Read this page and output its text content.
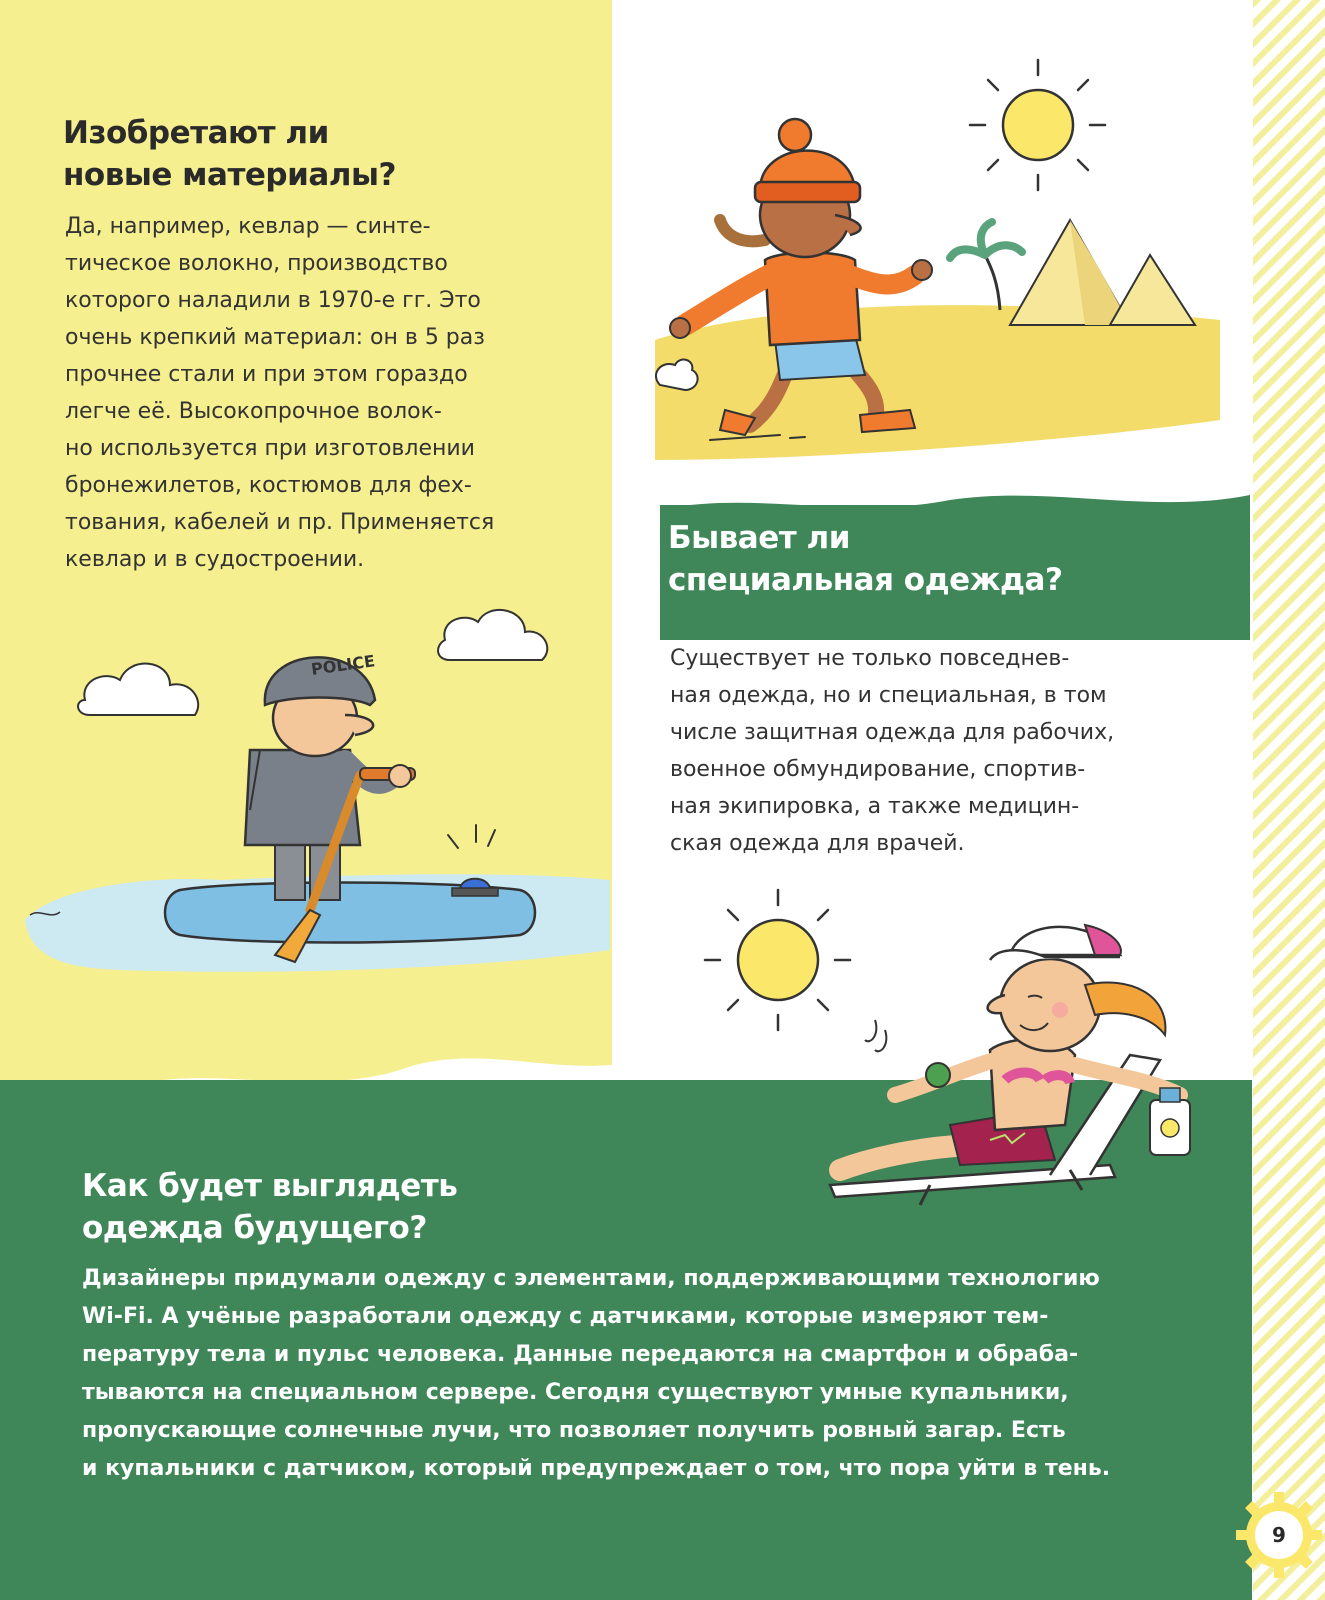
Изобретают ли
новые материалы?
Да, например, кевлар — синте-
тическое волокно, производство
которого наладили в 1970-е гг. Это
очень крепкий материал: он в 5 раз
прочнее стали и при этом гораздо
легче её. Высокопрочное волок-
но используется при изготовлении
бронежилетов, костюмов для фех-
тования, кабелей и пр. Применяется
кевлар и в судостроении.
POLICE
Бывает ли
специальная одежда?
Существует не только повседнев-
ная одежда, но и специальная, в том
числе защитная одежда для рабочих,
военное обмундирование, спортив-
ная экипировка, а также медицин-
ская одежда для врачей.
Как будет выглядеть
одежда будущего?
Дизайнеры придумали одежду с элементами, поддерживающими технологию
Wi-Fi. А учёные разработали одежду с датчиками, которые измеряют тем-
пературу тела и пульс человека. Данные передаются на смартфон и обраба-
тываются на специальном сервере. Сегодня существуют умные купальники,
пропускающие солнечные лучи, что позволяет получить ровный загар. Есть
и купальники с датчиком, который предупреждает о том, что пора уйти в тень.
9
